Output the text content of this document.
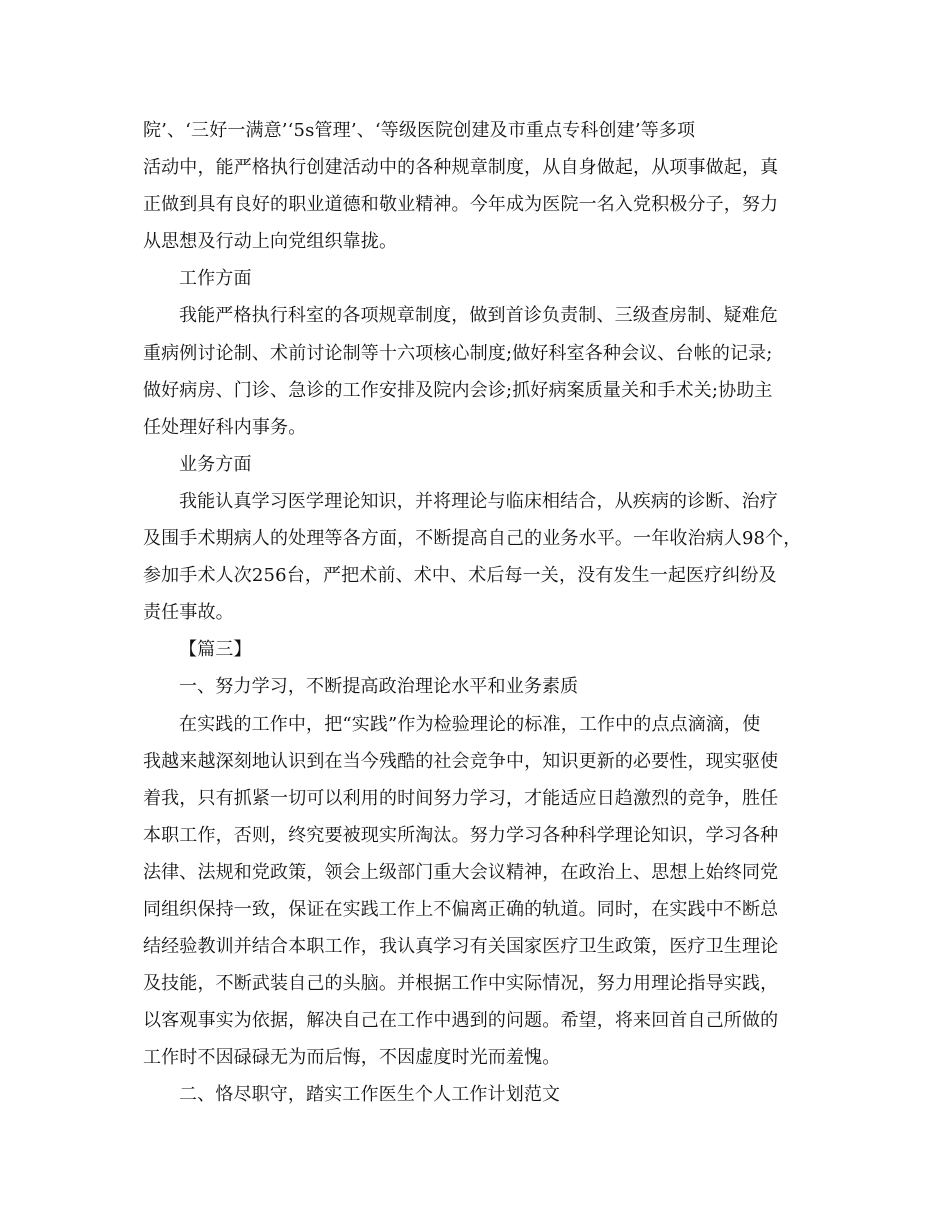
院’、‘三好一满意’‘5s管理’、‘等级医院创建及市重点专科创建’等多项
活动中，能严格执行创建活动中的各种规章制度，从自身做起，从项事做起，真
正做到具有良好的职业道德和敬业精神。今年成为医院一名入党积极分子，努力
从思想及行动上向党组织靠拢。
工作方面
我能严格执行科室的各项规章制度，做到首诊负责制、三级查房制、疑难危
重病例讨论制、术前讨论制等十六项核心制度;做好科室各种会议、台帐的记录;
做好病房、门诊、急诊的工作安排及院内会诊;抓好病案质量关和手术关;协助主
任处理好科内事务。
业务方面
我能认真学习医学理论知识，并将理论与临床相结合，从疾病的诊断、治疗
及围手术期病人的处理等各方面，不断提高自己的业务水平。一年收治病人98个，
参加手术人次256台，严把术前、术中、术后每一关，没有发生一起医疗纠纷及
责任事故。
【篇三】
一、努力学习，不断提高政治理论水平和业务素质
在实践的工作中，把“实践”作为检验理论的标准，工作中的点点滴滴，使
我越来越深刻地认识到在当今残酷的社会竞争中，知识更新的必要性，现实驱使
着我，只有抓紧一切可以利用的时间努力学习，才能适应日趋激烈的竞争，胜任
本职工作，否则，终究要被现实所淘汰。努力学习各种科学理论知识，学习各种
法律、法规和党政策，领会上级部门重大会议精神，在政治上、思想上始终同党
同组织保持一致，保证在实践工作上不偏离正确的轨道。同时，在实践中不断总
结经验教训并结合本职工作，我认真学习有关国家医疗卫生政策，医疗卫生理论
及技能，不断武装自己的头脑。并根据工作中实际情况，努力用理论指导实践，
以客观事实为依据，解决自己在工作中遇到的问题。希望，将来回首自己所做的
工作时不因碌碌无为而后悔，不因虚度时光而羞愧。
二、恪尽职守，踏实工作医生个人工作计划范文
